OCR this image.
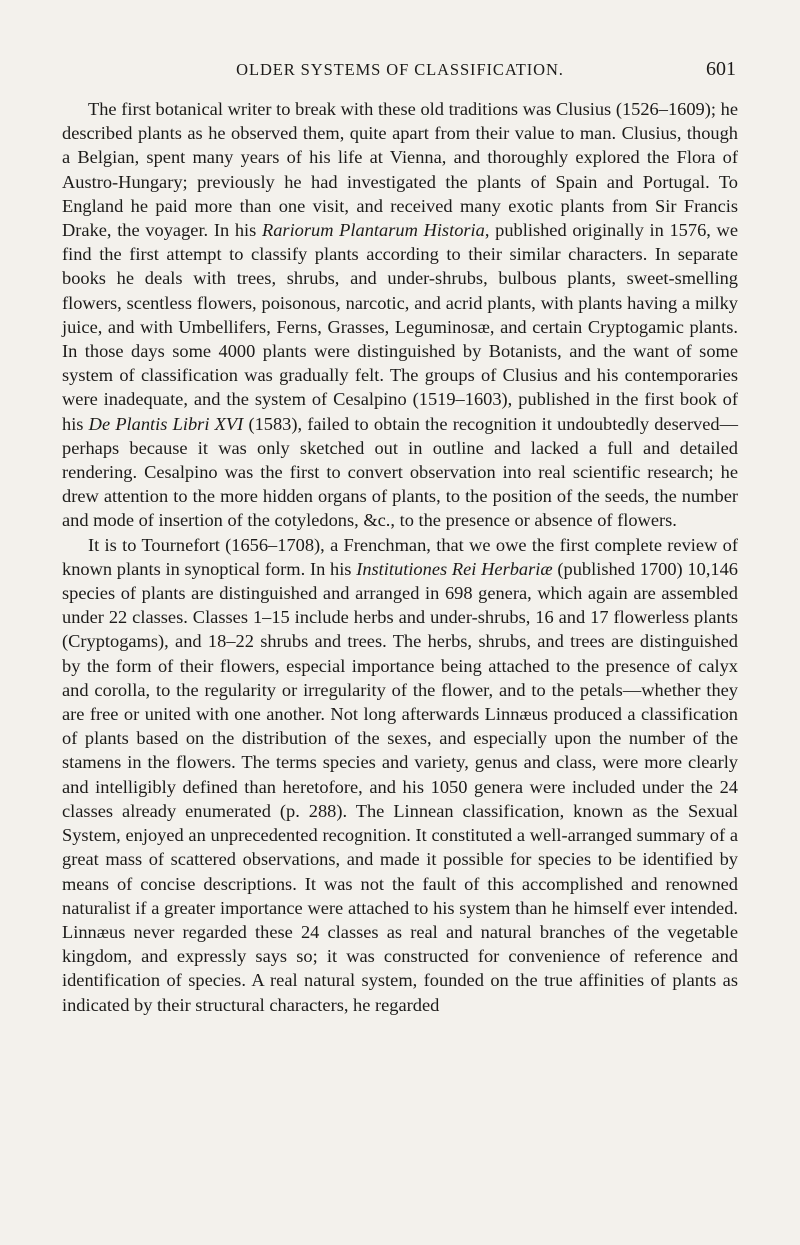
OLDER SYSTEMS OF CLASSIFICATION.	601

The first botanical writer to break with these old traditions was Clusius (1526–1609); he described plants as he observed them, quite apart from their value to man. Clusius, though a Belgian, spent many years of his life at Vienna, and thoroughly explored the Flora of Austro-Hungary; previously he had investigated the plants of Spain and Portugal. To England he paid more than one visit, and received many exotic plants from Sir Francis Drake, the voyager. In his Rariorum Plantarum Historia, published originally in 1576, we find the first attempt to classify plants according to their similar characters. In separate books he deals with trees, shrubs, and under-shrubs, bulbous plants, sweet-smelling flowers, scentless flowers, poisonous, narcotic, and acrid plants, with plants having a milky juice, and with Umbellifers, Ferns, Grasses, Leguminosæ, and certain Cryptogamic plants. In those days some 4000 plants were distinguished by Botanists, and the want of some system of classification was gradually felt. The groups of Clusius and his contemporaries were inadequate, and the system of Cesalpino (1519–1603), published in the first book of his De Plantis Libri XVI (1583), failed to obtain the recognition it undoubtedly deserved—perhaps because it was only sketched out in outline and lacked a full and detailed rendering. Cesalpino was the first to convert observation into real scientific research; he drew attention to the more hidden organs of plants, to the position of the seeds, the number and mode of insertion of the cotyledons, &c., to the presence or absence of flowers.

It is to Tournefort (1656–1708), a Frenchman, that we owe the first complete review of known plants in synoptical form. In his Institutiones Rei Herbariæ (published 1700) 10,146 species of plants are distinguished and arranged in 698 genera, which again are assembled under 22 classes. Classes 1–15 include herbs and under-shrubs, 16 and 17 flowerless plants (Cryptogams), and 18–22 shrubs and trees. The herbs, shrubs, and trees are distinguished by the form of their flowers, especial importance being attached to the presence of calyx and corolla, to the regularity or irregularity of the flower, and to the petals—whether they are free or united with one another. Not long afterwards Linnæus produced a classification of plants based on the distribution of the sexes, and especially upon the number of the stamens in the flowers. The terms species and variety, genus and class, were more clearly and intelligibly defined than heretofore, and his 1050 genera were included under the 24 classes already enumerated (p. 288). The Linnean classification, known as the Sexual System, enjoyed an unprecedented recognition. It constituted a well-arranged summary of a great mass of scattered observations, and made it possible for species to be identified by means of concise descriptions. It was not the fault of this accomplished and renowned naturalist if a greater importance were attached to his system than he himself ever intended. Linnæus never regarded these 24 classes as real and natural branches of the vegetable kingdom, and expressly says so; it was constructed for convenience of reference and identification of species. A real natural system, founded on the true affinities of plants as indicated by their structural characters, he regarded
